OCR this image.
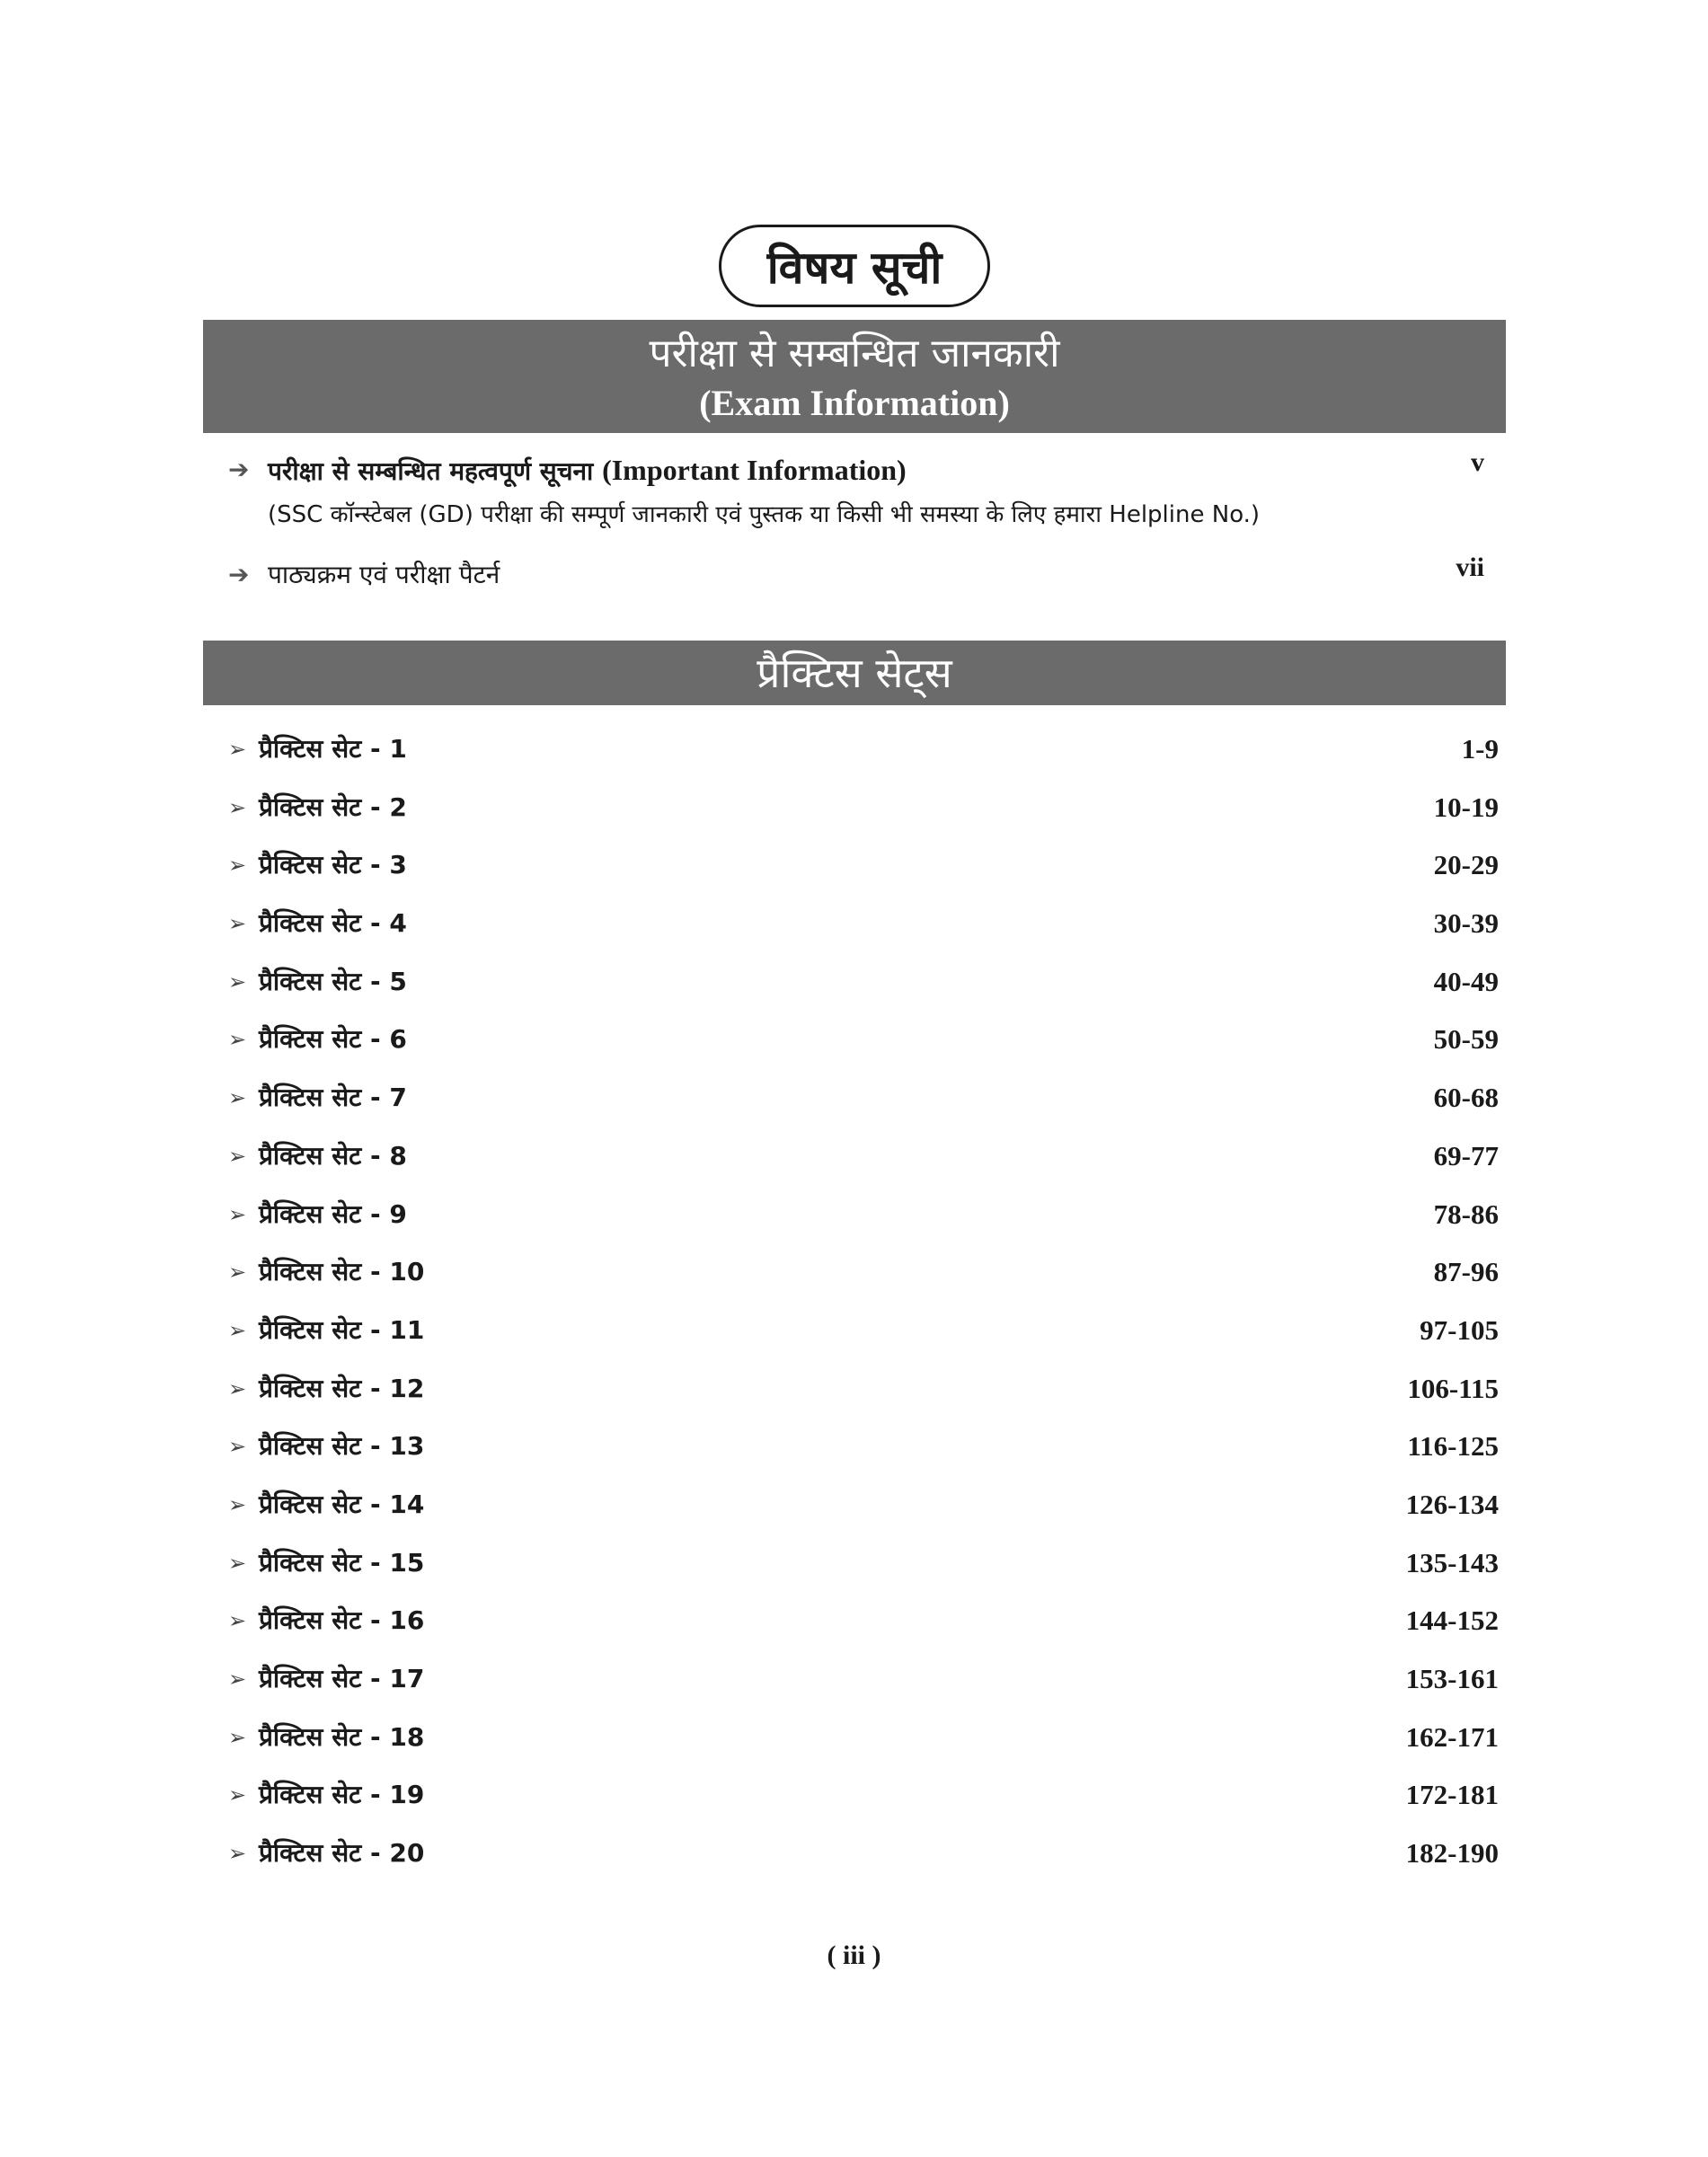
विषय सूची
परीक्षा से सम्बन्धित जानकारी
(Exam Information)
➔ परीक्षा से सम्बन्धित महत्वपूर्ण सूचना (Important Information)	v
(SSC कॉन्स्टेबल (GD) परीक्षा की सम्पूर्ण जानकारी एवं पुस्तक या किसी भी समस्या के लिए हमारा Helpline No.)
➔ पाठ्यक्रम एवं परीक्षा पैटर्न	vii
प्रैक्टिस सेट्स
➢ प्रैक्टिस सेट - 1	1-9
➢ प्रैक्टिस सेट - 2	10-19
➢ प्रैक्टिस सेट - 3	20-29
➢ प्रैक्टिस सेट - 4	30-39
➢ प्रैक्टिस सेट - 5	40-49
➢ प्रैक्टिस सेट - 6	50-59
➢ प्रैक्टिस सेट - 7	60-68
➢ प्रैक्टिस सेट - 8	69-77
➢ प्रैक्टिस सेट - 9	78-86
➢ प्रैक्टिस सेट - 10	87-96
➢ प्रैक्टिस सेट - 11	97-105
➢ प्रैक्टिस सेट - 12	106-115
➢ प्रैक्टिस सेट - 13	116-125
➢ प्रैक्टिस सेट - 14	126-134
➢ प्रैक्टिस सेट - 15	135-143
➢ प्रैक्टिस सेट - 16	144-152
➢ प्रैक्टिस सेट - 17	153-161
➢ प्रैक्टिस सेट - 18	162-171
➢ प्रैक्टिस सेट - 19	172-181
➢ प्रैक्टिस सेट - 20	182-190
( iii )
